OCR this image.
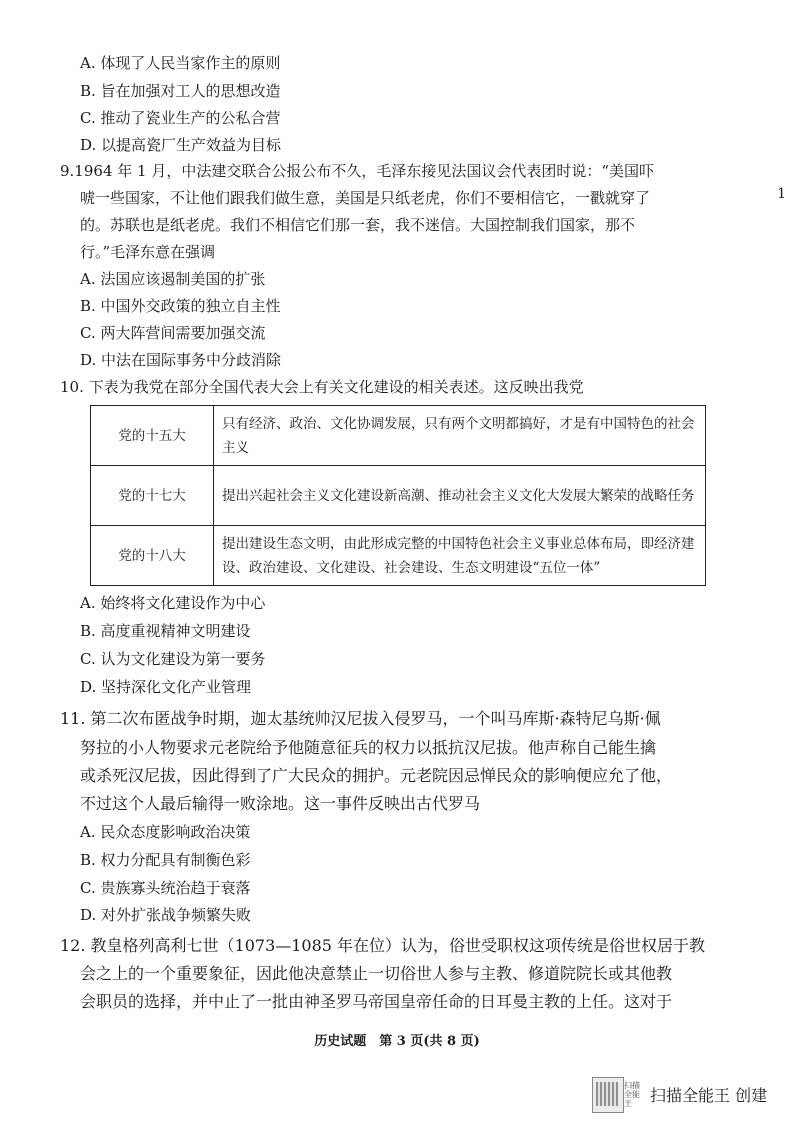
A. 体现了人民当家作主的原则
B. 旨在加强对工人的思想改造
C. 推动了瓷业生产的公私合营
D. 以提高瓷厂生产效益为目标
9.1964 年 1 月，中法建交联合公报公布不久，毛泽东接见法国议会代表团时说：“美国吓
唬一些国家，不让他们跟我们做生意，美国是只纸老虎，你们不要相信它，一戳就穿了
的。苏联也是纸老虎。我们不相信它们那一套，我不迷信。大国控制我们国家，那不
行。”毛泽东意在强调
A. 法国应该遏制美国的扩张
B. 中国外交政策的独立自主性
C. 两大阵营间需要加强交流
D. 中法在国际事务中分歧消除
10. 下表为我党在部分全国代表大会上有关文化建设的相关表述。这反映出我党
党的十五大	只有经济、政治、文化协调发展，只有两个文明都搞好，才是有中国特色的社会主义
党的十七大	提出兴起社会主义文化建设新高潮、推动社会主义文化大发展大繁荣的战略任务
党的十八大	提出建设生态文明，由此形成完整的中国特色社会主义事业总体布局，即经济建设、政治建设、文化建设、社会建设、生态文明建设“五位一体”
A. 始终将文化建设作为中心
B. 高度重视精神文明建设
C. 认为文化建设为第一要务
D. 坚持深化文化产业管理
11. 第二次布匿战争时期，迦太基统帅汉尼拔入侵罗马，一个叫马库斯·森特尼乌斯·佩
努拉的小人物要求元老院给予他随意征兵的权力以抵抗汉尼拔。他声称自己能生擒
或杀死汉尼拔，因此得到了广大民众的拥护。元老院因忌惮民众的影响便应允了他，
不过这个人最后输得一败涂地。这一事件反映出古代罗马
A. 民众态度影响政治决策
B. 权力分配具有制衡色彩
C. 贵族寡头统治趋于衰落
D. 对外扩张战争频繁失败
12. 教皇格列高利七世（1073—1085 年在位）认为，俗世受职权这项传统是俗世权居于教
会之上的一个重要象征，因此他决意禁止一切俗世人参与主教、修道院院长或其他教
会职员的选择，并中止了一批由神圣罗马帝国皇帝任命的日耳曼主教的上任。这对于
历史试题　第 3 页(共 8 页)
1
扫描全能王	扫描全能王 创建
